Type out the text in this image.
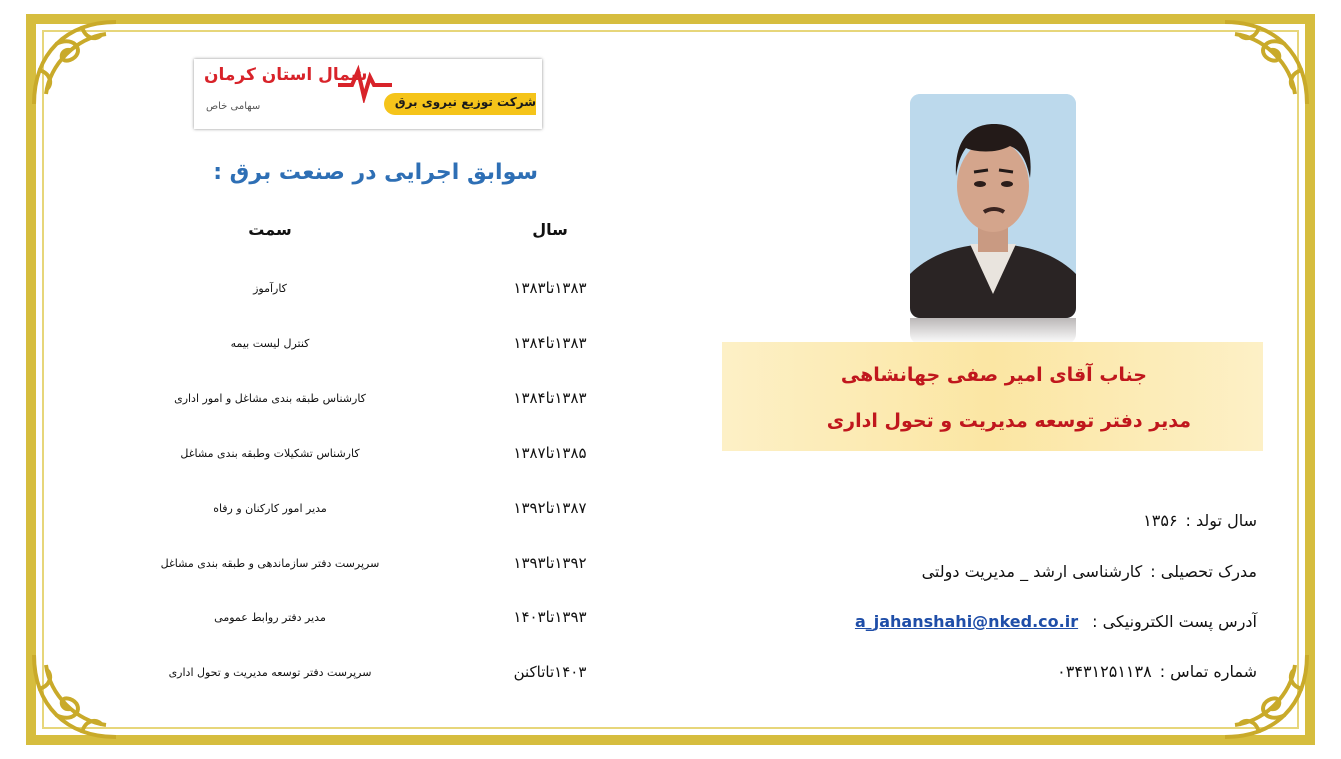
شمال استان کرمان
شرکت توزیع نیروی برق
سهامی خاص
سوابق اجرایی در صنعت برق :
سمت	سال
کارآموز	۱۳۸۳تا۱۳۸۳
کنترل لیست بیمه	۱۳۸۳تا۱۳۸۴
کارشناس طبقه بندی مشاغل و امور اداری	۱۳۸۳تا۱۳۸۴
کارشناس تشکیلات وطبقه بندی مشاغل	۱۳۸۵تا۱۳۸۷
مدیر امور کارکنان و رفاه	۱۳۸۷تا۱۳۹۲
سرپرست دفتر سازماندهی و طبقه بندی مشاغل	۱۳۹۲تا۱۳۹۳
مدیر دفتر روابط عمومی	۱۳۹۳تا۱۴۰۳
سرپرست دفتر توسعه مدیریت و تحول اداری	۱۴۰۳تاتاکنن
جناب آقای امیر صفی جهانشاهی
مدیر دفتر توسعه مدیریت و تحول اداری
سال تولد :۱۳۵۶
مدرک تحصیلی :کارشناسی ارشد _ مدیریت دولتی
آدرس پست الکترونیکی :a_jahanshahi@nked.co.ir
شماره تماس :۰۳۴۳۱۲۵۱۱۳۸
